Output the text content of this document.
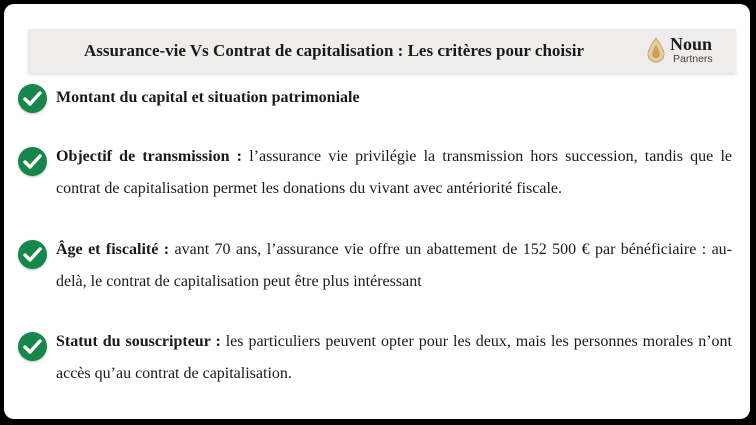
Assurance-vie Vs Contrat de capitalisation : Les critères pour choisir	Noun
Partners
Montant du capital et situation patrimoniale
Objectif de transmission : l’assurance vie privilégie la transmission hors succession, tandis que le contrat de capitalisation permet les donations du vivant avec antériorité fiscale.
Âge et fiscalité : avant 70 ans, l’assurance vie offre un abattement de 152 500 € par bénéficiaire : au-delà, le contrat de capitalisation peut être plus intéressant
Statut du souscripteur : les particuliers peuvent opter pour les deux, mais les personnes morales n’ont accès qu’au contrat de capitalisation.
